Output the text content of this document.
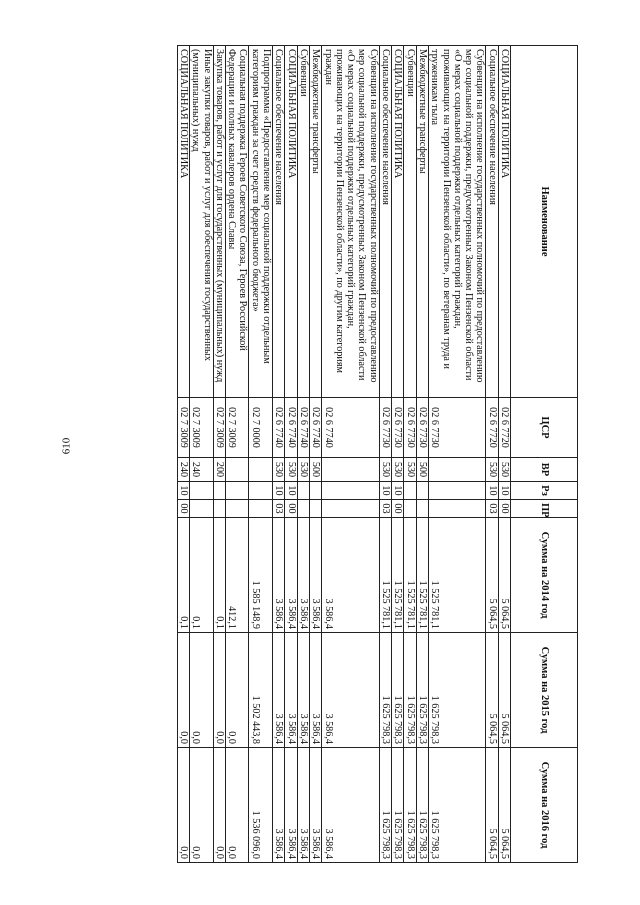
610
Наименование	ЦСР	ВР	Рз	ПР	Сумма на 2014 год	Сумма на 2015 год	Сумма на 2016 год
СОЦИАЛЬНАЯ ПОЛИТИКА	02 6 7720	530	10	00	5 064,5	5 064,5	5 064,5
Социальное обеспечение населения	02 6 7720	530	10	03	5 064,5	5 064,5	5 064,5
Субвенции на исполнение государственных полномочий по предоставлению мер социальной поддержки, предусмотренных Законом Пензенской области «О мерах социальной поддержки отдельных категорий граждан, проживающих на территории Пензенской области», по ветеранам труда и труженикам тыла	02 6 7730				1 525 781,1	1 625 798,3	1 625 798,3
Межбюджетные трансферты	02 6 7730	500			1 525 781,1	1 625 798,3	1 625 798,3
Субвенции	02 6 7730	530			1 525 781,1	1 625 798,3	1 625 798,3
СОЦИАЛЬНАЯ ПОЛИТИКА	02 6 7730	530	10	00	1 525 781,1	1 625 798,3	1 625 798,3
Социальное обеспечение населения	02 6 7730	530	10	03	1 525 781,1	1 625 798,3	1 625 798,3
Субвенции на исполнение государственных полномочий по предоставлению мер социальной поддержки, предусмотренных Законом Пензенской области «О мерах социальной поддержки отдельных категорий граждан, проживающих на территории Пензенской области», по другим категориям граждан	02 6 7740				3 586,4	3 586,4	3 586,4
Межбюджетные трансферты	02 6 7740	500			3 586,4	3 586,4	3 586,4
Субвенции	02 6 7740	530			3 586,4	3 586,4	3 586,4
СОЦИАЛЬНАЯ ПОЛИТИКА	02 6 7740	530	10	00	3 586,4	3 586,4	3 586,4
Социальное обеспечение населения	02 6 7740	530	10	03	3 586,4	3 586,4	3 586,4
Подпрограмма «Предоставление мер социальной поддержки отдельным категориям граждан за счет средств федерального бюджета»	02 7 0000				1 585 148,9	1 502 443,8	1 536 096,0
Социальная поддержка Героев Советского Союза, Героев Российской Федерации и полных кавалеров ордена Славы	02 7 3009				412,1	0,0	0,0
Закупка товаров, работ и услуг для государственных (муниципальных) нужд	02 7 3009	200			0,1	0,0	0,0
Иные закупки товаров, работ и услуг для обеспечения государственных (муниципальных) нужд	02 7 3009	240			0,1	0,0	0,0
СОЦИАЛЬНАЯ ПОЛИТИКА	02 7 3009	240	10	00	0,1	0,0	0,0
